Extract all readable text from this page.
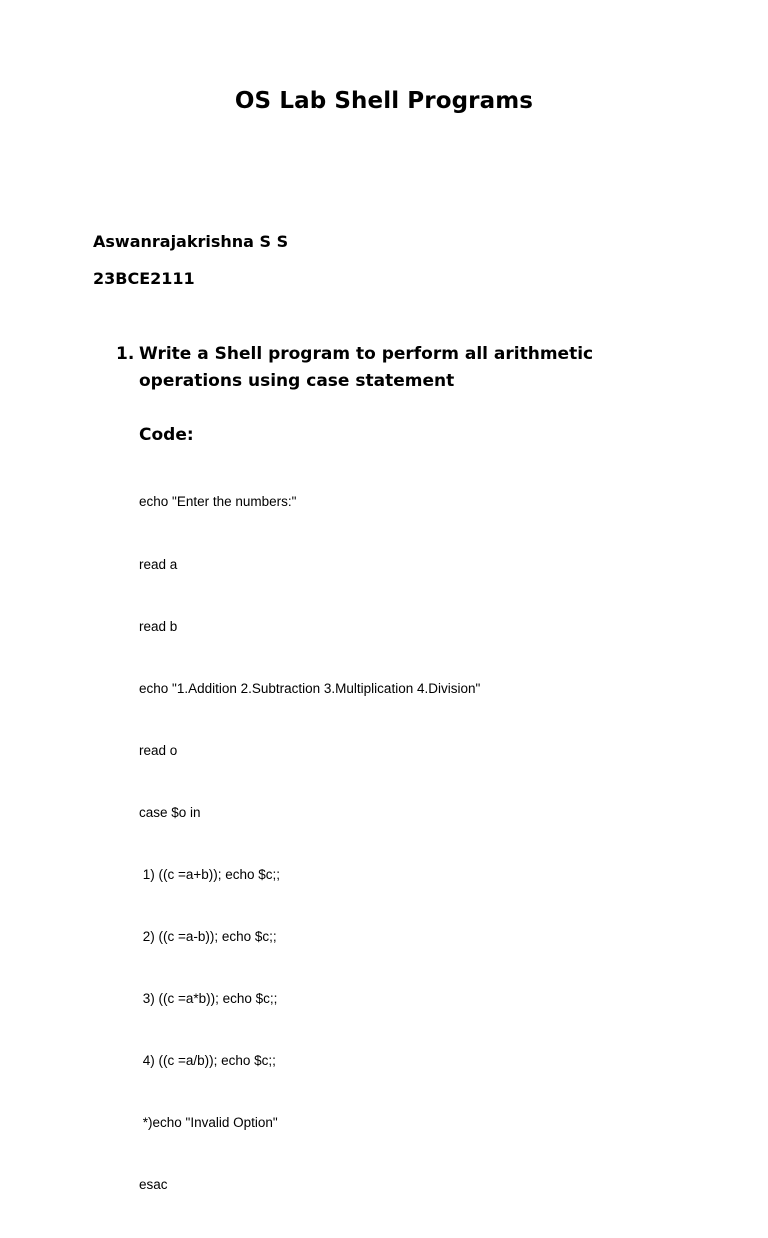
OS Lab Shell Programs

Aswanrajakrishna S S

23BCE2111

1. Write a Shell program to perform all arithmetic operations using case statement
Code:

echo "Enter the numbers:"

read a

read b

echo "1.Addition 2.Subtraction 3.Multiplication 4.Division"

read o

case $o in

1) ((c =a+b)); echo $c;;

2) ((c =a-b)); echo $c;;

3) ((c =a*b)); echo $c;;

4) ((c =a/b)); echo $c;;

*)echo "Invalid Option"

esac
